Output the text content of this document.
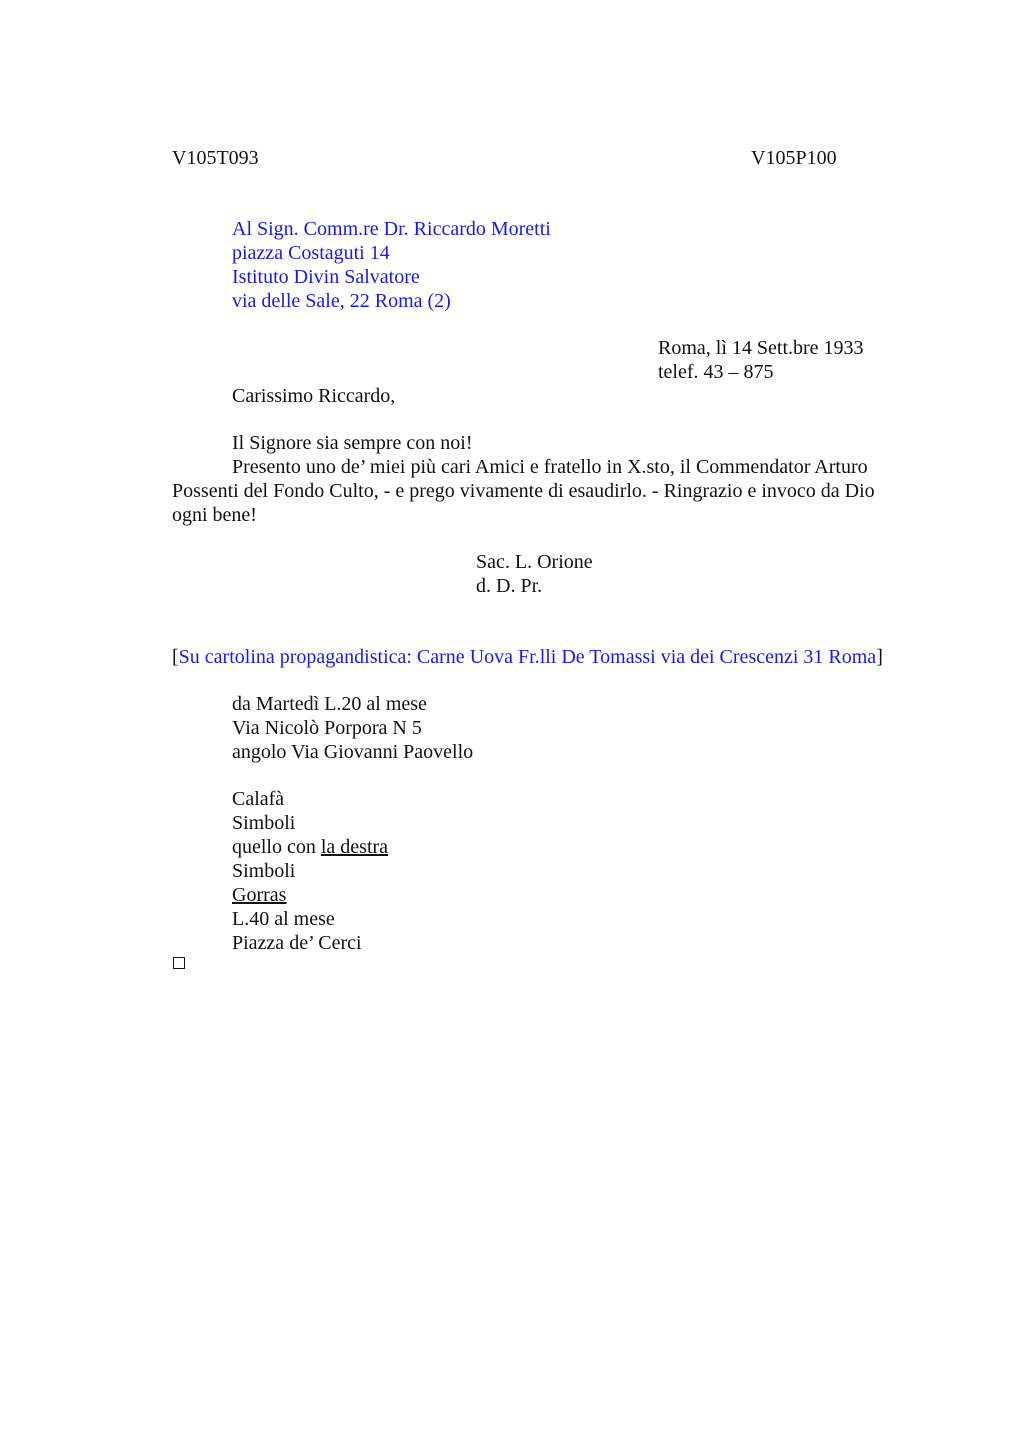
V105T093	V105P100
Al Sign. Comm.re Dr. Riccardo Moretti
piazza Costaguti 14
Istituto Divin Salvatore
via delle Sale, 22 Roma (2)
Roma, lì 14 Sett.bre 1933
telef. 43 – 875
Carissimo Riccardo,
Il Signore sia sempre con noi!
Presento uno de’ miei più cari Amici e fratello in X.sto, il Commendator Arturo
Possenti del Fondo Culto, - e prego vivamente di esaudirlo. - Ringrazio e invoco da Dio
ogni bene!
Sac. L. Orione
d. D. Pr.
[Su cartolina propagandistica: Carne Uova Fr.lli De Tomassi via dei Crescenzi 31 Roma]
da Martedì L.20 al mese
Via Nicolò Porpora N 5
angolo Via Giovanni Paovello
Calafà
Simboli
quello con la destra
Simboli
Gorras
L.40 al mese
Piazza de’ Cerci
